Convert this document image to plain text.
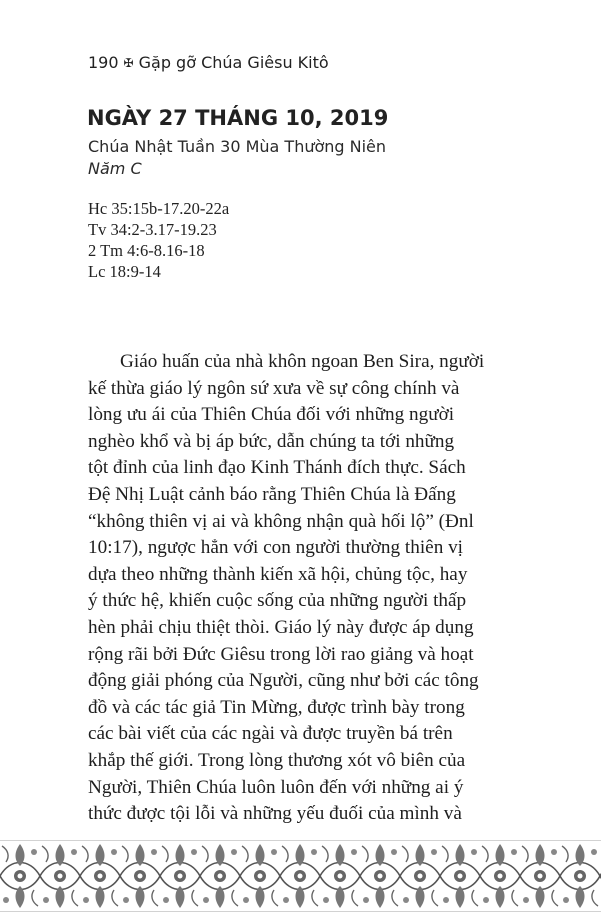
190 ✠ Gặp gỡ Chúa Giêsu Kitô
NGÀY 27 THÁNG 10, 2019
Chúa Nhật Tuần 30 Mùa Thường Niên
Năm C
Hc 35:15b-17.20-22a
Tv 34:2-3.17-19.23
2 Tm 4:6-8.16-18
Lc 18:9-14
Giáo huấn của nhà khôn ngoan Ben Sira, người
kế thừa giáo lý ngôn sứ xưa về sự công chính và
lòng ưu ái của Thiên Chúa đối với những người
nghèo khổ và bị áp bức, dẫn chúng ta tới những
tột đỉnh của linh đạo Kinh Thánh đích thực. Sách
Đệ Nhị Luật cảnh báo rằng Thiên Chúa là Đấng
“không thiên vị ai và không nhận quà hối lộ” (Đnl
10:17), ngược hẳn với con người thường thiên vị
dựa theo những thành kiến xã hội, chủng tộc, hay
ý thức hệ, khiến cuộc sống của những người thấp
hèn phải chịu thiệt thòi. Giáo lý này được áp dụng
rộng rãi bởi Đức Giêsu trong lời rao giảng và hoạt
động giải phóng của Người, cũng như bởi các tông
đồ và các tác giả Tin Mừng, được trình bày trong
các bài viết của các ngài và được truyền bá trên
khắp thế giới. Trong lòng thương xót vô biên của
Người, Thiên Chúa luôn luôn đến với những ai ý
thức được tội lỗi và những yếu đuối của mình và
